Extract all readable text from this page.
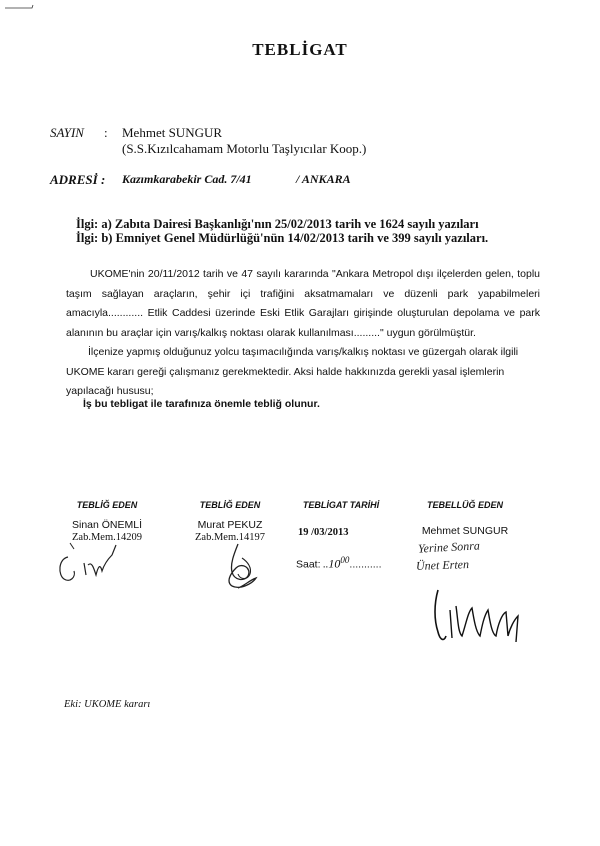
TEBLİGAT
SAYIN : Mehmet SUNGUR
(S.S.Kızılcahamam Motorlu Taşlyıcılar Koop.)
ADRESİ : Kazımkarabekir Cad. 7/41	/ ANKARA
İlgi: a) Zabıta Dairesi Başkanlığı'nın 25/02/2013 tarih ve 1624 sayılı yazıları
İlgi: b) Emniyet Genel Müdürlüğü'nün 14/02/2013 tarih ve 399 sayılı yazıları.
UKOME'nin 20/11/2012 tarih ve 47 sayılı kararında "Ankara Metropol dışı ilçelerden gelen, toplu taşım sağlayan araçların, şehir içi trafiğini aksatmamaları ve düzenli park yapabilmeleri amacıyla............ Etlik Caddesi üzerinde Eski Etlik Garajları girişinde oluşturulan depolama ve park alanının bu araçlar için varış/kalkış noktası olarak kullanılması........." uygun görülmüştür.
İlçenize yapmış olduğunuz yolcu taşımacılığında varış/kalkış noktası ve güzergah olarak ilgili UKOME kararı gereği çalışmanız gerekmektedir. Aksi halde hakkınızda gerekli yasal işlemlerin yapılacağı hususu;
İş bu tebligat ile tarafınıza önemle tebliğ olunur.
TEBLİĞ EDEN
Sinan ÖNEMLİ
Zab.Mem.14209
TEBLİĞ EDEN
Murat PEKUZ
Zab.Mem.14197
TEBLİGAT TARİHİ
19 /03/2013
Saat: ..10$^{00}$...........
TEBELLÜĞ EDEN
Mehmet SUNGUR
Yerine Sonra
Ünet Erten
Eki: UKOME kararı
